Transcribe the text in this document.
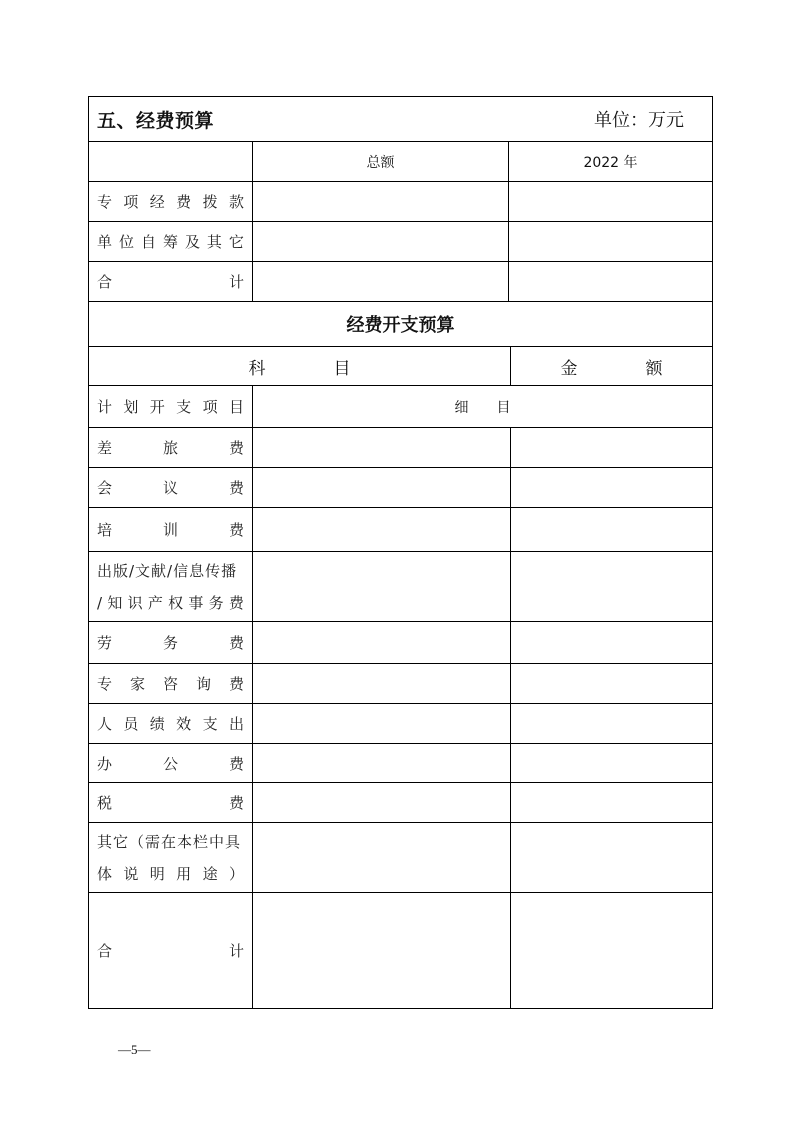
五、经费预算 单位：万元			

	总额	2022 年	

专 项 经 费 拨 款

单 位 自 筹 及 其 它

合 计			

经费开支预算			
科　　　　目			金　　　　额

计 划 开 支 项 目	细　　目

差 旅 费			

会 议 费			

培 训 费			

出版/文献/信息传播
/ 知 识 产 权 事 务 费

劳 务 费			

专 家 咨 询 费			

人 员 绩 效 支 出

办 公 费			

税 费			

其它（需在本栏中具
体 说 明 用 途 ）

合 计			

—5—
